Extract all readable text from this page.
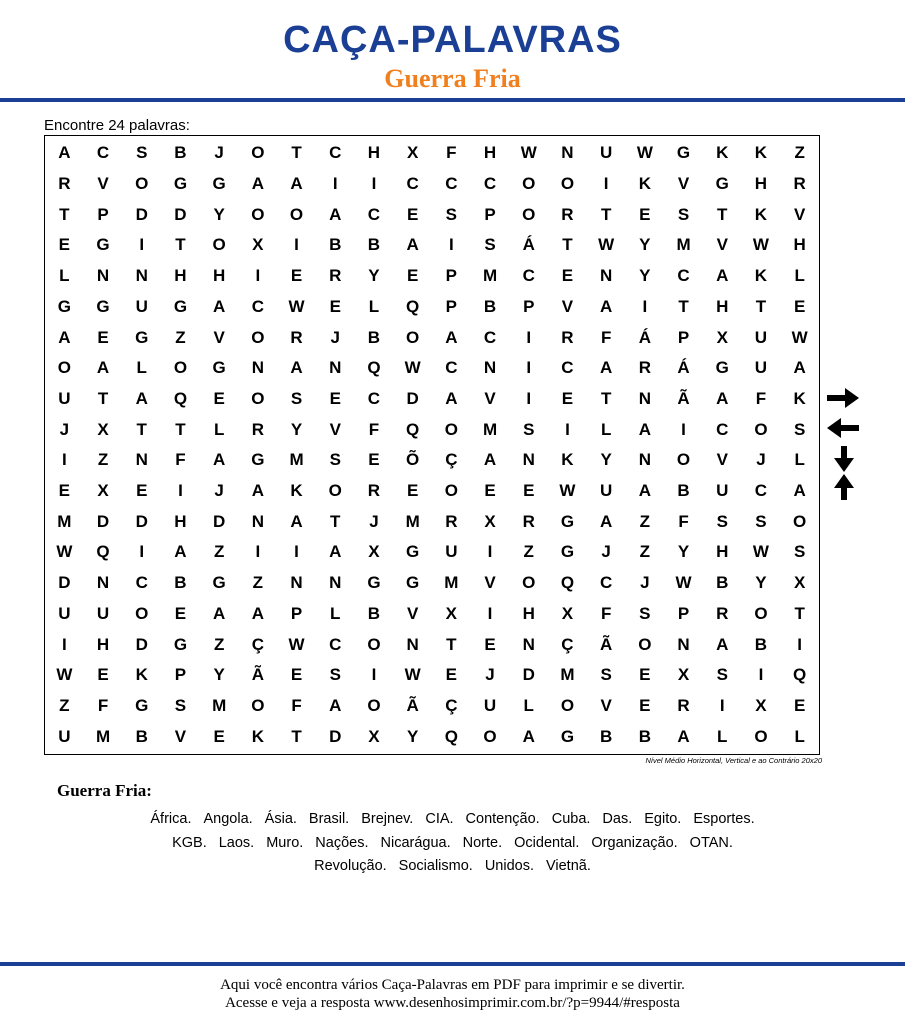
CAÇA-PALAVRAS
Guerra Fria
Encontre 24 palavras:
A	C	S	B	J	O	T	C	H	X	F	H	W	N	U	W	G	K	K	Z
R	V	O	G	G	A	A	I	I	C	C	C	O	O	I	K	V	G	H	R
T	P	D	D	Y	O	O	A	C	E	S	P	O	R	T	E	S	T	K	V
E	G	I	T	O	X	I	B	B	A	I	S	Á	T	W	Y	M	V	W	H
L	N	N	H	H	I	E	R	Y	E	P	M	C	E	N	Y	C	A	K	L
G	G	U	G	A	C	W	E	L	Q	P	B	P	V	A	I	T	H	T	E
A	E	G	Z	V	O	R	J	B	O	A	C	I	R	F	Á	P	X	U	W
O	A	L	O	G	N	A	N	Q	W	C	N	I	C	A	R	Á	G	U	A
U	T	A	Q	E	O	S	E	C	D	A	V	I	E	T	N	Ã	A	F	K
J	X	T	T	L	R	Y	V	F	Q	O	M	S	I	L	A	I	C	O	S
I	Z	N	F	A	G	M	S	E	Õ	Ç	A	N	K	Y	N	O	V	J	L
E	X	E	I	J	A	K	O	R	E	O	E	E	W	U	A	B	U	C	A
M	D	D	H	D	N	A	T	J	M	R	X	R	G	A	Z	F	S	S	O
W	Q	I	A	Z	I	I	A	X	G	U	I	Z	G	J	Z	Y	H	W	S
D	N	C	B	G	Z	N	N	G	G	M	V	O	Q	C	J	W	B	Y	X
U	U	O	E	A	A	P	L	B	V	X	I	H	X	F	S	P	R	O	T
I	H	D	G	Z	Ç	W	C	O	N	T	E	N	Ç	Ã	O	N	A	B	I
W	E	K	P	Y	Ã	E	S	I	W	E	J	D	M	S	E	X	S	I	Q
Z	F	G	S	M	O	F	A	O	Ã	Ç	U	L	O	V	E	R	I	X	E
U	M	B	V	E	K	T	D	X	Y	Q	O	A	G	B	B	A	L	O	L
Nível Médio Horizontal, Vertical e ao Contrário 20x20
Guerra Fria:
África. Angola. Ásia. Brasil. Brejnev. CIA. Contenção. Cuba. Das. Egito. Esportes.
KGB. Laos. Muro. Nações. Nicarágua. Norte. Ocidental. Organização. OTAN.
Revolução. Socialismo. Unidos. Vietnã.
Aqui você encontra vários Caça-Palavras em PDF para imprimir e se divertir.
Acesse e veja a resposta www.desenhosimprimir.com.br/?p=9944/#resposta
